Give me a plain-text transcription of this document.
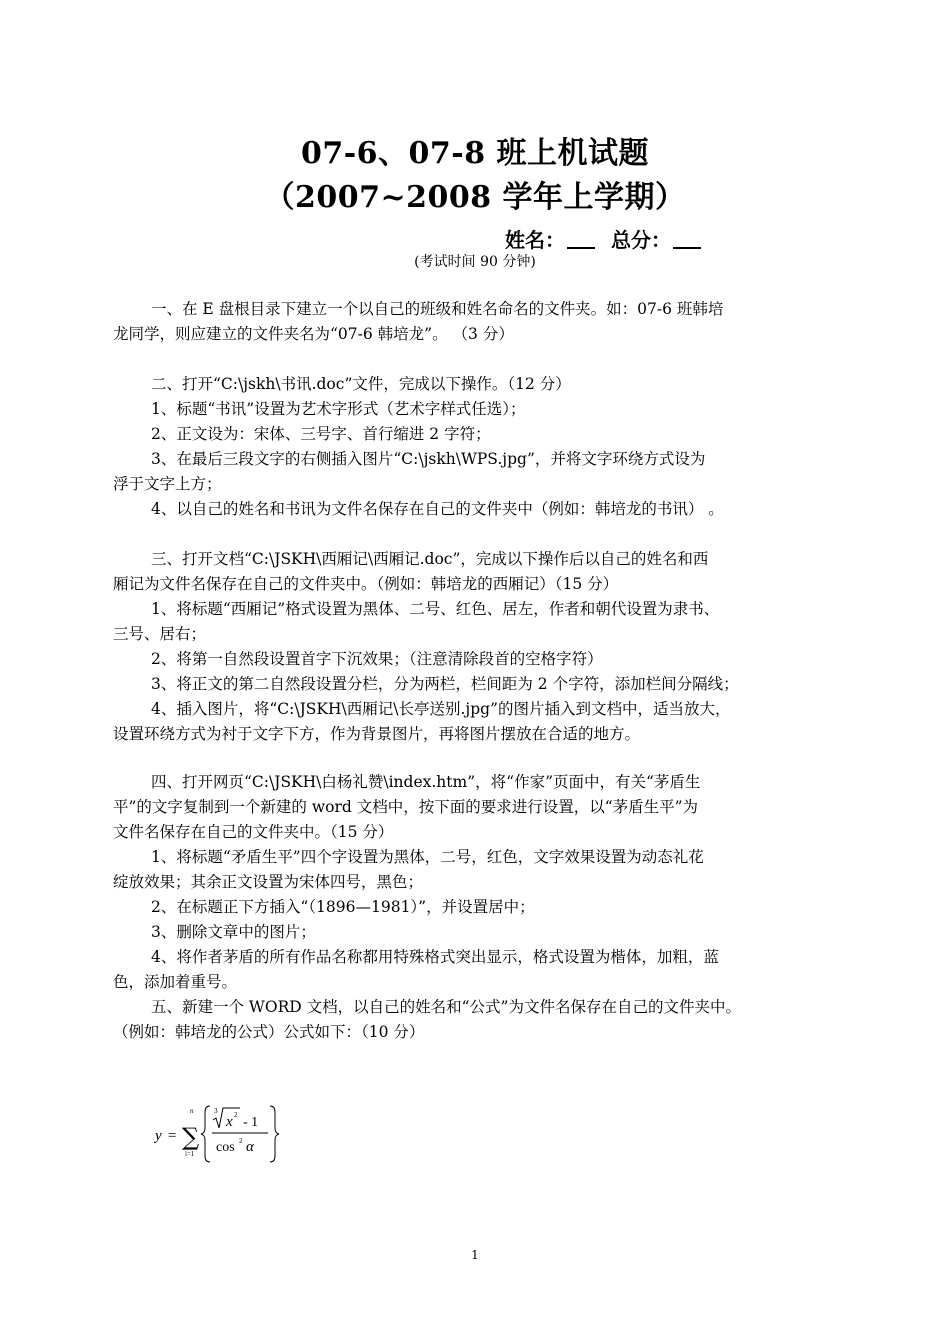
07-6、07-8 班上机试题
（2007~2008 学年上学期）
姓名： 总分：
(考试时间 90 分钟)
一、在 E 盘根目录下建立一个以自己的班级和姓名命名的文件夹。如：07-6 班韩培
龙同学，则应建立的文件夹名为“07-6 韩培龙”。 （3 分）
二、打开“C:\jskh\书讯.doc”文件，完成以下操作。（12 分）
1、标题“书讯”设置为艺术字形式（艺术字样式任选）；
2、正文设为：宋体、三号字、首行缩进 2 字符；
3、在最后三段文字的右侧插入图片“C:\jskh\WPS.jpg”，并将文字环绕方式设为
浮于文字上方；
4、以自己的姓名和书讯为文件名保存在自己的文件夹中（例如：韩培龙的书讯） 。
三、打开文档“C:\JSKH\西厢记\西厢记.doc”，完成以下操作后以自己的姓名和西
厢记为文件名保存在自己的文件夹中。（例如：韩培龙的西厢记）（15 分）
1、将标题“西厢记”格式设置为黑体、二号、红色、居左，作者和朝代设置为隶书、
三号、居右；
2、将第一自然段设置首字下沉效果；（注意清除段首的空格字符）
3、将正文的第二自然段设置分栏，分为两栏，栏间距为 2 个字符，添加栏间分隔线；
4、插入图片，将“C:\JSKH\西厢记\长亭送别.jpg”的图片插入到文档中，适当放大，
设置环绕方式为衬于文字下方，作为背景图片，再将图片摆放在合适的地方。
四、打开网页“C:\JSKH\白杨礼赞\index.htm”，将“作家”页面中，有关“茅盾生
平”的文字复制到一个新建的 word 文档中，按下面的要求进行设置，以“茅盾生平”为
文件名保存在自己的文件夹中。（15 分）
1、将标题“矛盾生平”四个字设置为黑体，二号，红色，文字效果设置为动态礼花
绽放效果；其余正文设置为宋体四号，黑色；
2、在标题正下方插入“（1896—1981）”，并设置居中；
3、删除文章中的图片；
4、将作者茅盾的所有作品名称都用特殊格式突出显示，格式设置为楷体，加粗，蓝
色，添加着重号。
五、新建一个 WORD 文档，以自己的姓名和“公式”为文件名保存在自己的文件夹中。
（例如：韩培龙的公式）公式如下：（10 分）
y = ∑
n
i=1
3
x 2 - 1
cos 2 α
1
